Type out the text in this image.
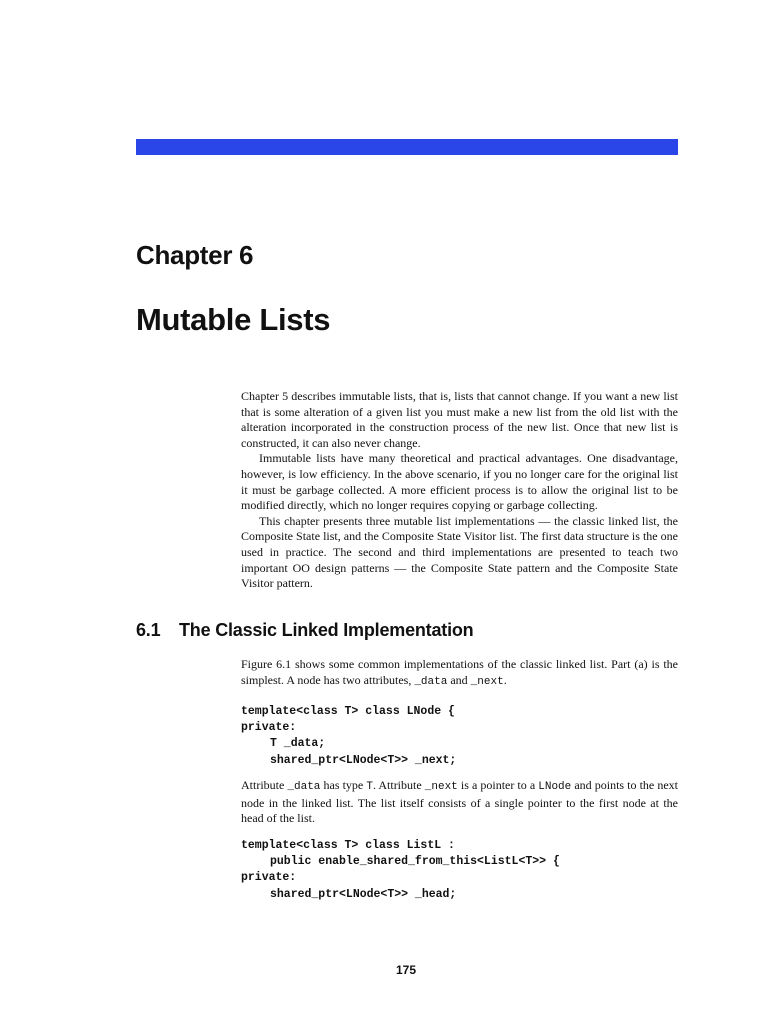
Chapter 6
Mutable Lists

Chapter 5 describes immutable lists, that is, lists that cannot change. If you want a new list that is some alteration of a given list you must make a new list from the old list with the alteration incorporated in the construction process of the new list. Once that new list is constructed, it can also never change.

Immutable lists have many theoretical and practical advantages. One disadvantage, however, is low efficiency. In the above scenario, if you no longer care for the original list it must be garbage collected. A more efficient process is to allow the original list to be modified directly, which no longer requires copying or garbage collecting.

This chapter presents three mutable list implementations — the classic linked list, the Composite State list, and the Composite State Visitor list. The first data structure is the one used in practice. The second and third implementations are presented to teach two important OO design patterns — the Composite State pattern and the Composite State Visitor pattern.

6.1 The Classic Linked Implementation

Figure 6.1 shows some common implementations of the classic linked list. Part (a) is the simplest. A node has two attributes, _data and _next.

template<class T> class LNode {
private:
T _data;
shared_ptr<LNode<T>> _next;

Attribute _data has type T. Attribute _next is a pointer to a LNode and points to the next node in the linked list. The list itself consists of a single pointer to the first node at the head of the list.

template<class T> class ListL :
public enable_shared_from_this<ListL<T>> {
private:
shared_ptr<LNode<T>> _head;
175
